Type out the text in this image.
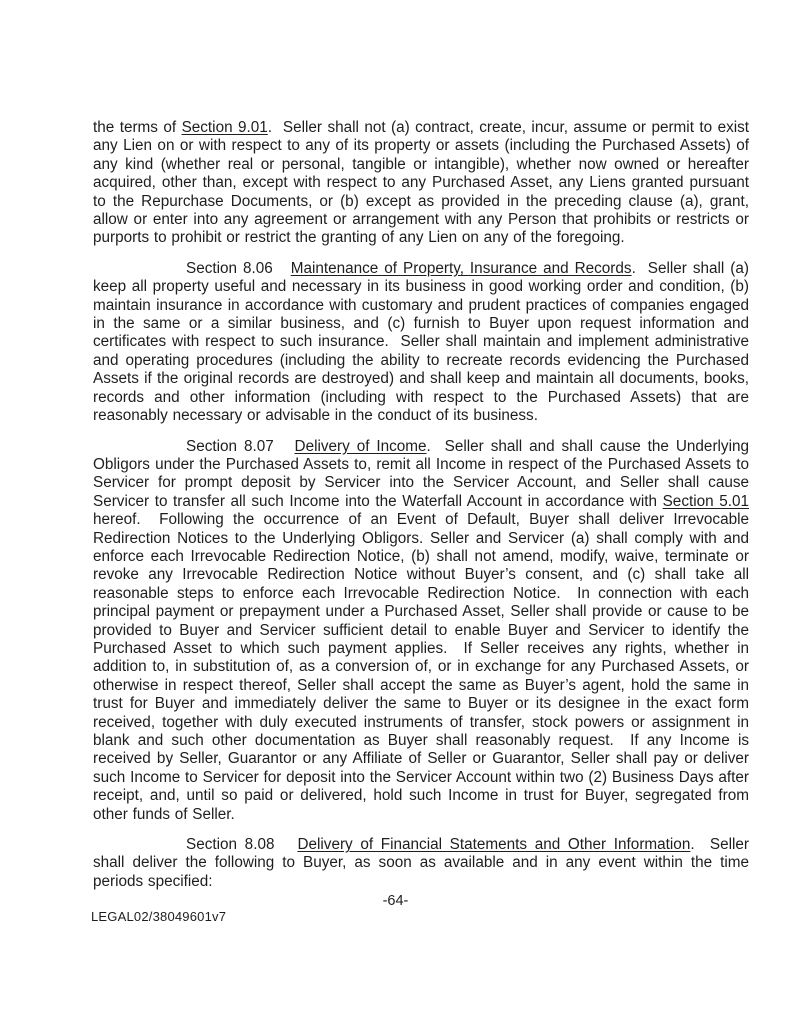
the terms of Section 9.01.  Seller shall not (a) contract, create, incur, assume or permit to exist any Lien on or with respect to any of its property or assets (including the Purchased Assets) of any kind (whether real or personal, tangible or intangible), whether now owned or hereafter acquired, other than, except with respect to any Purchased Asset, any Liens granted pursuant to the Repurchase Documents, or (b) except as provided in the preceding clause (a), grant, allow or enter into any agreement or arrangement with any Person that prohibits or restricts or purports to prohibit or restrict the granting of any Lien on any of the foregoing.

Section 8.06   Maintenance of Property, Insurance and Records.  Seller shall (a) keep all property useful and necessary in its business in good working order and condition, (b) maintain insurance in accordance with customary and prudent practices of companies engaged in the same or a similar business, and (c) furnish to Buyer upon request information and certificates with respect to such insurance.  Seller shall maintain and implement administrative and operating procedures (including the ability to recreate records evidencing the Purchased Assets if the original records are destroyed) and shall keep and maintain all documents, books, records and other information (including with respect to the Purchased Assets) that are reasonably necessary or advisable in the conduct of its business.

Section 8.07   Delivery of Income.  Seller shall and shall cause the Underlying Obligors under the Purchased Assets to, remit all Income in respect of the Purchased Assets to Servicer for prompt deposit by Servicer into the Servicer Account, and Seller shall cause Servicer to transfer all such Income into the Waterfall Account in accordance with Section 5.01 hereof.  Following the occurrence of an Event of Default, Buyer shall deliver Irrevocable Redirection Notices to the Underlying Obligors. Seller and Servicer (a) shall comply with and enforce each Irrevocable Redirection Notice, (b) shall not amend, modify, waive, terminate or revoke any Irrevocable Redirection Notice without Buyer’s consent, and (c) shall take all reasonable steps to enforce each Irrevocable Redirection Notice.  In connection with each principal payment or prepayment under a Purchased Asset, Seller shall provide or cause to be provided to Buyer and Servicer sufficient detail to enable Buyer and Servicer to identify the Purchased Asset to which such payment applies.  If Seller receives any rights, whether in addition to, in substitution of, as a conversion of, or in exchange for any Purchased Assets, or otherwise in respect thereof, Seller shall accept the same as Buyer’s agent, hold the same in trust for Buyer and immediately deliver the same to Buyer or its designee in the exact form received, together with duly executed instruments of transfer, stock powers or assignment in blank and such other documentation as Buyer shall reasonably request.  If any Income is received by Seller, Guarantor or any Affiliate of Seller or Guarantor, Seller shall pay or deliver such Income to Servicer for deposit into the Servicer Account within two (2) Business Days after receipt, and, until so paid or delivered, hold such Income in trust for Buyer, segregated from other funds of Seller.

Section 8.08   Delivery of Financial Statements and Other Information.  Seller shall deliver the following to Buyer, as soon as available and in any event within the time periods specified:

-64-
LEGAL02/38049601v7
